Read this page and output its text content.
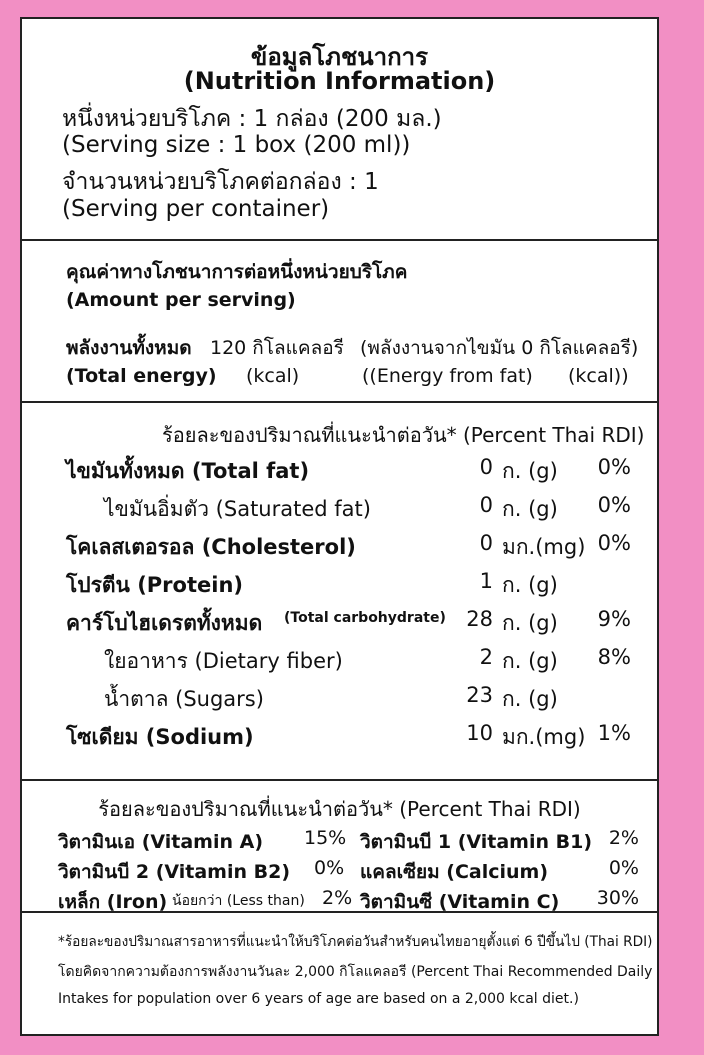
ข้อมูลโภชนาการ
(Nutrition Information)
หนึ่งหน่วยบริโภค : 1 กล่อง (200 มล.)
(Serving size : 1 box (200 ml))
จำนวนหน่วยบริโภคต่อกล่อง : 1
(Serving per container)
คุณค่าทางโภชนาการต่อหนึ่งหน่วยบริโภค
(Amount per serving)
พลังงานทั้งหมด 120 กิโลแคลอรี (พลังงานจากไขมัน 0 กิโลแคลอรี)
(Total energy) (kcal)	((Energy from fat) (kcal))
ร้อยละของปริมาณที่แนะนำต่อวัน* (Percent Thai RDI)
ไขมันทั้งหมด (Total fat)	0 ก. (g) 0%
ไขมันอิ่มตัว (Saturated fat)	0 ก. (g) 0%
โคเลสเตอรอล (Cholesterol)	0 มก.(mg) 0%
โปรตีน (Protein)	1 ก. (g)
คาร์โบไฮเดรตทั้งหมด (Total carbohydrate) 28 ก. (g) 9%
ใยอาหาร (Dietary fiber)	2 ก. (g) 8%
น้ำตาล (Sugars)	23 ก. (g)
โซเดียม (Sodium)	10 มก.(mg) 1%
ร้อยละของปริมาณที่แนะนำต่อวัน* (Percent Thai RDI)
วิตามินเอ (Vitamin A) 15% วิตามินบี 1 (Vitamin B1) 2%
วิตามินบี 2 (Vitamin B2) 0% แคลเซียม (Calcium)	0%
เหล็ก (Iron) น้อยกว่า (Less than) 2% วิตามินซี (Vitamin C) 30%
*ร้อยละของปริมาณสารอาหารที่แนะนำให้บริโภคต่อวันสำหรับคนไทยอายุตั้งแต่ 6 ปีขึ้นไป (Thai RDI)
โดยคิดจากความต้องการพลังงานวันละ 2,000 กิโลแคลอรี (Percent Thai Recommended Daily
Intakes for population over 6 years of age are based on a 2,000 kcal diet.)
